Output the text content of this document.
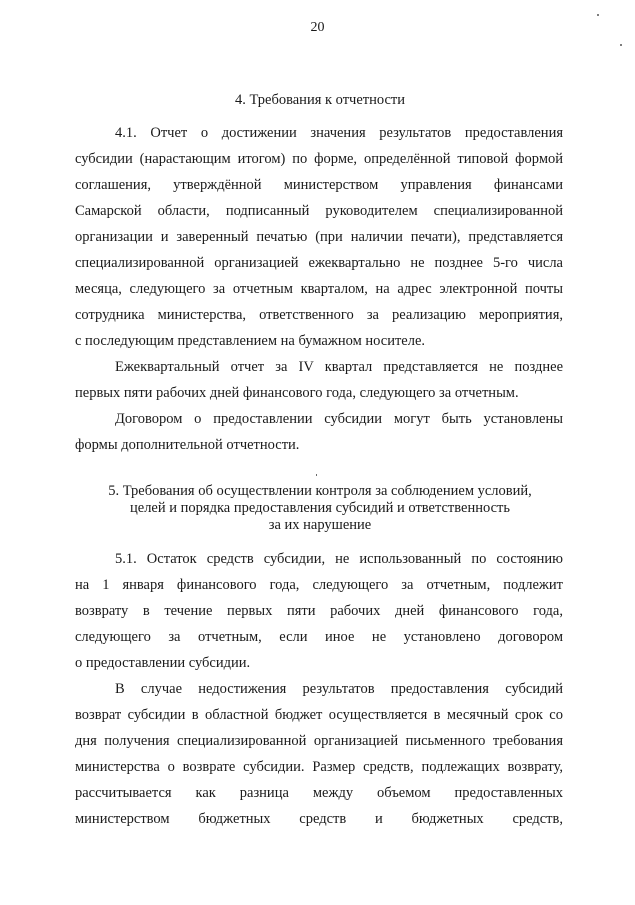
20
4. Требования к отчетности
4.1. Отчет о достижении значения результатов предоставления
субсидии (нарастающим итогом) по форме, определённой типовой формой
соглашения, утверждённой министерством управления финансами
Самарской области, подписанный руководителем специализированной
организации и заверенный печатью (при наличии печати), представляется
специализированной организацией ежеквартально не позднее 5-го числа
месяца, следующего за отчетным кварталом, на адрес электронной почты
сотрудника министерства, ответственного за реализацию мероприятия,
с последующим представлением на бумажном носителе.
Ежеквартальный отчет за IV квартал представляется не позднее
первых пяти рабочих дней финансового года, следующего за отчетным.
Договором о предоставлении субсидии могут быть установлены
формы дополнительной отчетности.
5. Требования об осуществлении контроля за соблюдением условий,
целей и порядка предоставления субсидий и ответственность
за их нарушение
5.1. Остаток средств субсидии, не использованный по состоянию
на 1 января финансового года, следующего за отчетным, подлежит
возврату в течение первых пяти рабочих дней финансового года,
следующего за отчетным, если иное не установлено договором
о предоставлении субсидии.
В случае недостижения результатов предоставления субсидий
возврат субсидии в областной бюджет осуществляется в месячный срок со
дня получения специализированной организацией письменного требования
министерства о возврате субсидии. Размер средств, подлежащих возврату,
рассчитывается как разница между объемом предоставленных
министерством бюджетных средств и бюджетных средств,
